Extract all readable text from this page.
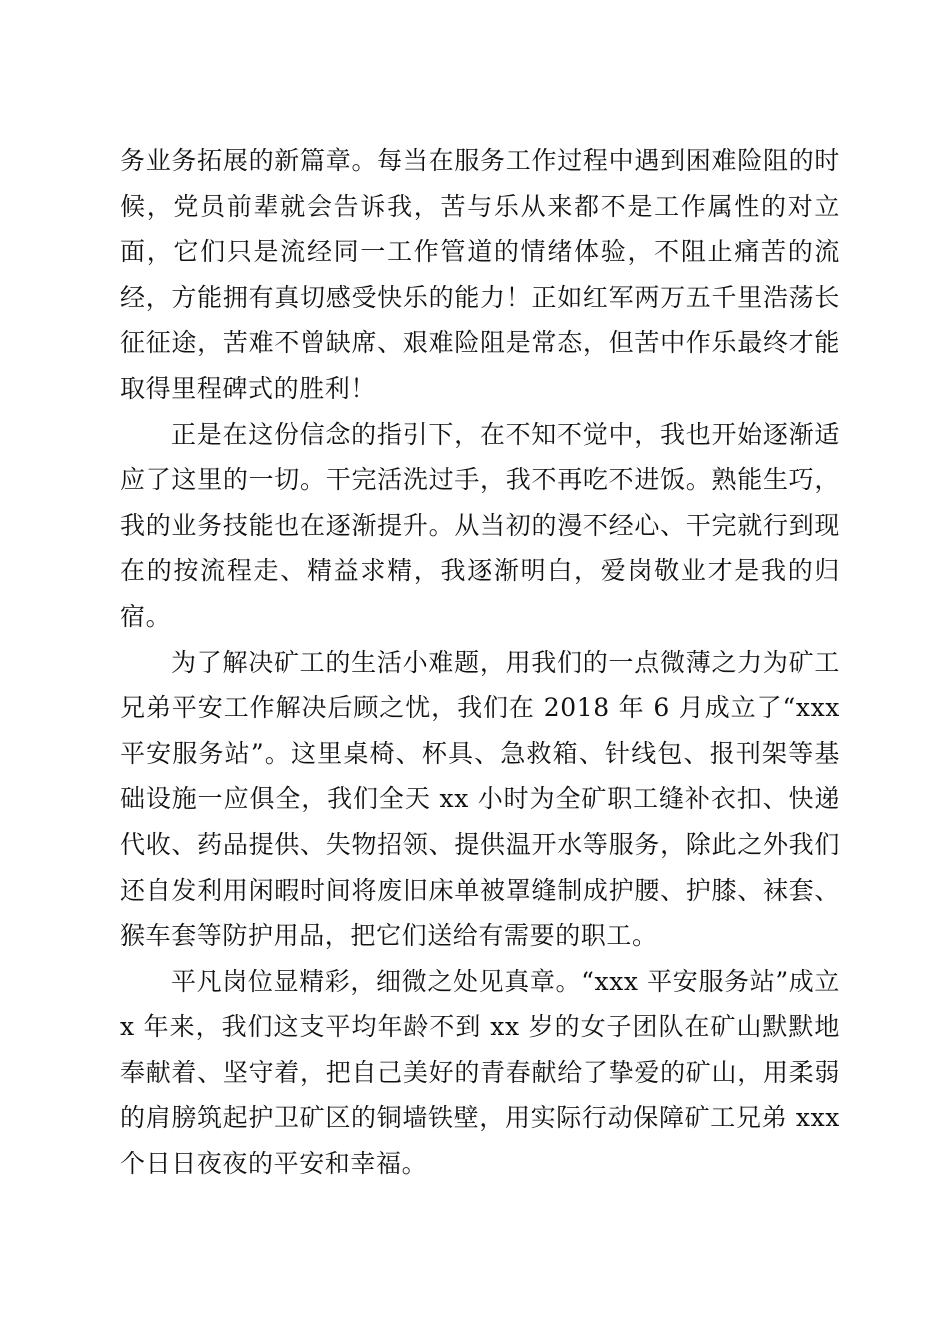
务业务拓展的新篇章。每当在服务工作过程中遇到困难险阻的时候，党员前辈就会告诉我，苦与乐从来都不是工作属性的对立面，它们只是流经同一工作管道的情绪体验，不阻止痛苦的流经，方能拥有真切感受快乐的能力！正如红军两万五千里浩荡长征征途，苦难不曾缺席、艰难险阻是常态，但苦中作乐最终才能取得里程碑式的胜利！

正是在这份信念的指引下，在不知不觉中，我也开始逐渐适应了这里的一切。干完活洗过手，我不再吃不进饭。熟能生巧，我的业务技能也在逐渐提升。从当初的漫不经心、干完就行到现在的按流程走、精益求精，我逐渐明白，爱岗敬业才是我的归宿。

为了解决矿工的生活小难题，用我们的一点微薄之力为矿工兄弟平安工作解决后顾之忧，我们在 2018 年 6 月成立了“xxx 平安服务站”。这里桌椅、杯具、急救箱、针线包、报刊架等基础设施一应俱全，我们全天 xx 小时为全矿职工缝补衣扣、快递代收、药品提供、失物招领、提供温开水等服务，除此之外我们还自发利用闲暇时间将废旧床单被罩缝制成护腰、护膝、袜套、猴车套等防护用品，把它们送给有需要的职工。

平凡岗位显精彩，细微之处见真章。“xxx 平安服务站”成立 x 年来，我们这支平均年龄不到 xx 岁的女子团队在矿山默默地奉献着、坚守着，把自己美好的青春献给了挚爱的矿山，用柔弱的肩膀筑起护卫矿区的铜墙铁壁，用实际行动保障矿工兄弟 xxx 个日日夜夜的平安和幸福。
